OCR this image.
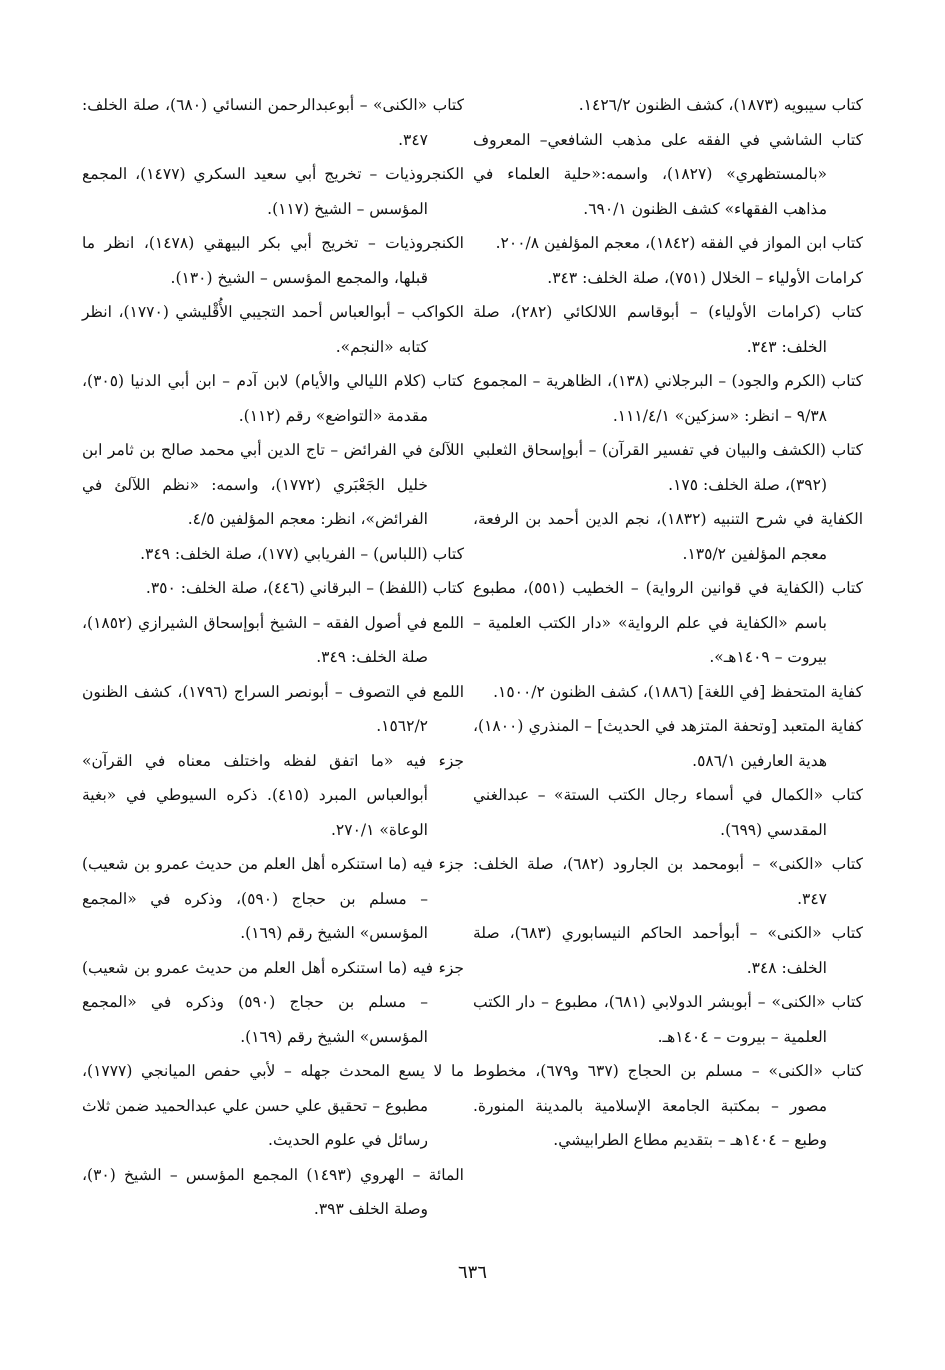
كتاب سيبويه (١٨٧٣)، كشف الظنون ١٤٢٦/٢.

كتاب الشاشي في الفقه على مذهب الشافعي– المعروف «بالمستظهري» (١٨٢٧)، واسمه:«حلية العلماء في مذاهب الفقهاء» كشف الظنون ٦٩٠/١.

كتاب ابن المواز في الفقه (١٨٤٢)، معجم المؤلفين ٢٠٠/٨.

كرامات الأولياء – الخلال (٧٥١)، صلة الخلف: ٣٤٣.

كتاب (كرامات الأولياء) – أبوقاسم اللالكائي (٢٨٢)، صلة الخلف: ٣٤٣.

كتاب (الكرم والجود) – البرجلاني (١٣٨)، الظاهرية – المجموع ٩/٣٨ – انظر: «سزكين» ١١١/٤/١.

كتاب (الكشف والبيان في تفسير القرآن) – أبوإسحاق الثعلبي (٣٩٢)، صلة الخلف: ١٧٥.

الكفاية في شرح التنبيه (١٨٣٢)، نجم الدين أحمد بن الرفعة، معجم المؤلفين ١٣٥/٢.

كتاب (الكفاية في قوانين الرواية) – الخطيب (٥٥١)، مطبوع باسم «الكفاية في علم الرواية» «دار الكتب العلمية – بيروت – ١٤٠٩هـ».

كفاية المتحفظ [في اللغة] (١٨٨٦)، كشف الظنون ١٥٠٠/٢.

كفاية المتعبد [وتحفة المتزهد في الحديث] – المنذري (١٨٠٠)، هدية العارفين ٥٨٦/١.

كتاب «الكمال في أسماء رجال الكتب الستة» – عبدالغني المقدسي (٦٩٩).

كتاب «الكنى» – أبومحمد بن الجارود (٦٨٢)، صلة الخلف: ٣٤٧.

كتاب «الكنى» – أبوأحمد الحاكم النيسابوري (٦٨٣)، صلة الخلف: ٣٤٨.

كتاب «الكنى» – أبوبشر الدولابي (٦٨١)، مطبوع – دار الكتب العلمية – بيروت – ١٤٠٤هـ.

كتاب «الكنى» – مسلم بن الحجاج (٦٣٧ و٦٧٩)، مخطوط مصور – بمكتبة الجامعة الإسلامية بالمدينة المنورة. وطبع – ١٤٠٤هـ – بتقديم مطاع الطرابيشي.

كتاب «الكنى» – أبوعبدالرحمن النسائي (٦٨٠)، صلة الخلف: ٣٤٧.

الكنجروذيات – تخريج أبي سعيد السكري (١٤٧٧)، المجمع المؤسس – الشيخ (١١٧).

الكنجروذيات – تخريج أبي بكر البيهقي (١٤٧٨)، انظر ما قبلها، والمجمع المؤسس – الشيخ (١٣٠).

الكواكب – أبوالعباس أحمد التجيبي الأُقْليشي (١٧٧٠)، انظر كتابه «النجم».

كتاب (كلام الليالي والأيام) لابن آدم – ابن أبي الدنيا (٣٠٥)، مقدمة «التواضع» رقم (١١٢).

اللآلئ في الفرائض – تاج الدين أبي محمد صالح بن ثامر ابن خليل الجَعْبَري (١٧٧٢)، واسمه: «نظم اللآلئ في الفرائض»، انظر: معجم المؤلفين ٤/٥.

كتاب (اللباس) – الفريابي (١٧٧)، صلة الخلف: ٣٤٩.

كتاب (اللفظ) – البرقاني (٤٤٦)، صلة الخلف: ٣٥٠.

اللمع في أصول الفقه – الشيخ أبوإسحاق الشيرازي (١٨٥٢)، صلة الخلف: ٣٤٩.

اللمع في التصوف – أبونصر السراج (١٧٩٦)، كشف الظنون ١٥٦٢/٢.

جزء فيه «ما اتفق لفظه واختلف معناه في القرآن» أبوالعباس المبرد (٤١٥). ذكره السيوطي في «بغية الوعاة» ٢٧٠/١.

جزء فيه (ما استنكره أهل العلم من حديث عمرو بن شعيب) – مسلم بن حجاج (٥٩٠)، وذكره في «المجمع المؤسس» الشيخ رقم (١٦٩).

جزء فيه (ما استنكره أهل العلم من حديث عمرو بن شعيب) – مسلم بن حجاج (٥٩٠) وذكره في «المجمع المؤسس» الشيخ رقم (١٦٩).

ما لا يسع المحدث جهله – لأبي حفص الميانجي (١٧٧٧)، مطبوع – تحقيق علي حسن علي عبدالحميد ضمن ثلاث رسائل في علوم الحديث.

المائة – الهروي (١٤٩٣) المجمع المؤسس – الشيخ (٣٠)، وصلة الخلف ٣٩٣.

٦٣٦
